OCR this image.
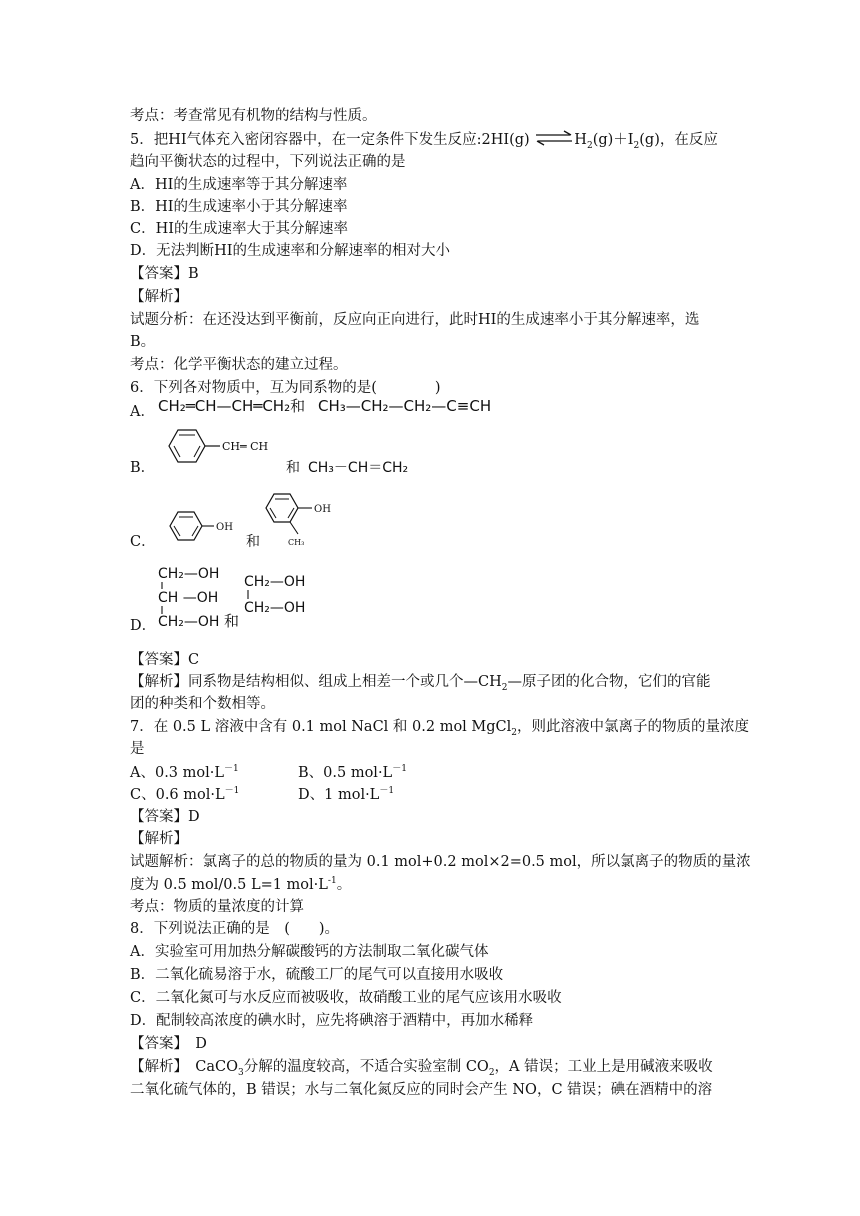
考点：考查常见有机物的结构与性质。
5．把HI气体充入密闭容器中，在一定条件下发生反应:2HI(g) $\rightleftharpoons H_2(g)+I_2(g)$，在反应
趋向平衡状态的过程中，下列说法正确的是
A．HI的生成速率等于其分解速率
B．HI的生成速率小于其分解速率
C．HI的生成速率大于其分解速率
D．无法判断HI的生成速率和分解速率的相对大小
【答案】B
【解析】
试题分析：在还没达到平衡前，反应向正向进行，此时HI的生成速率小于其分解速率，选
B。
考点：化学平衡状态的建立过程。
6．下列各对物质中，互为同系物的是(　　　　)
A． CH₂═CH—CH═CH₂和 CH₃—CH₂—CH₂—C≡CH
B．
CH═ CH
和 CH₃－CH＝CH₂
C．
OH
和
OH
CH₃
D．
CH₂—OH
CH —OH
CH₂—OH 和
CH₂—OH
CH₂—OH
【答案】C
【解析】同系物是结构相似、组成上相差一个或几个$—CH_2—$原子团的化合物，它们的官能
团的种类和个数相等。
7．在 0.5 L 溶液中含有 0.1 mol NaCl 和 0.2 mol MgCl$_2$，则此溶液中氯离子的物质的量浓度
是
A、0.3 $mol\cdot L^{-1}$	B、0.5 $mol\cdot L^{-1}$
C、0.6 $mol\cdot L^{-1}$	D、1 $mol\cdot L^{-1}$
【答案】D
【解析】
试题解析：氯离子的总的物质的量为 0.1 mol+0.2 mol×2=0.5 mol，所以氯离子的物质的量浓
度为 0.5 mol/0.5 L=1 $mol\cdot L^{-1}$。
考点：物质的量浓度的计算
8．下列说法正确的是　(　　)。
A．实验室可用加热分解碳酸钙的方法制取二氧化碳气体
B．二氧化硫易溶于水，硫酸工厂的尾气可以直接用水吸收
C．二氧化氮可与水反应而被吸收，故硝酸工业的尾气应该用水吸收
D．配制较高浓度的碘水时，应先将碘溶于酒精中，再加水稀释
【答案】　D
【解析】　CaCO$_3$分解的温度较高，不适合实验室制 $CO_2$，A 错误；工业上是用碱液来吸收
二氧化硫气体的，B 错误；水与二氧化氮反应的同时会产生 NO，C 错误；碘在酒精中的溶
